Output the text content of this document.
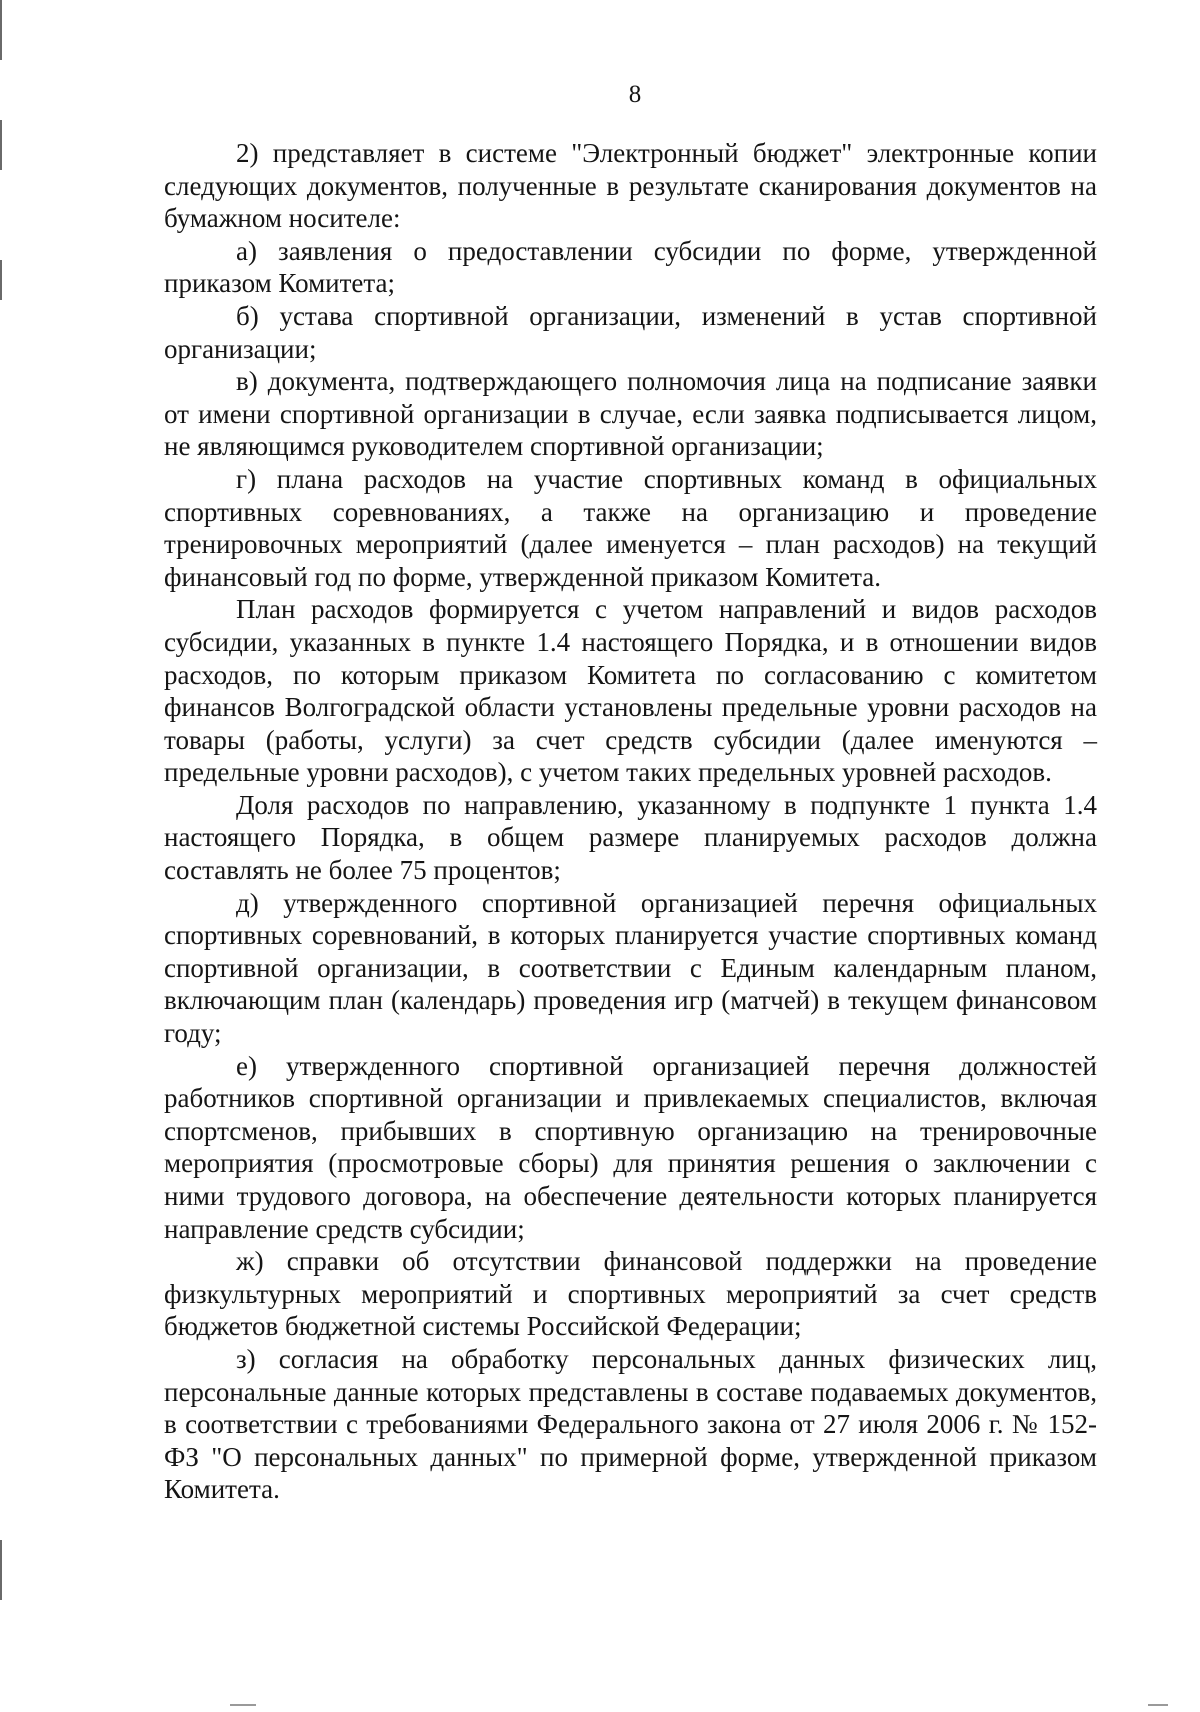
8

2) представляет в системе "Электронный бюджет" электронные копии следующих документов, полученные в результате сканирования документов на бумажном носителе:

а) заявления о предоставлении субсидии по форме, утвержденной приказом Комитета;

б) устава спортивной организации, изменений в устав спортивной организации;

в) документа, подтверждающего полномочия лица на подписание заявки от имени спортивной организации в случае, если заявка подписывается лицом, не являющимся руководителем спортивной организации;

г) плана расходов на участие спортивных команд в официальных спортивных соревнованиях, а также на организацию и проведение тренировочных мероприятий (далее именуется – план расходов) на текущий финансовый год по форме, утвержденной приказом Комитета.

План расходов формируется с учетом направлений и видов расходов субсидии, указанных в пункте 1.4 настоящего Порядка, и в отношении видов расходов, по которым приказом Комитета по согласованию с комитетом финансов Волгоградской области установлены предельные уровни расходов на товары (работы, услуги) за счет средств субсидии (далее именуются – предельные уровни расходов), с учетом таких предельных уровней расходов.

Доля расходов по направлению, указанному в подпункте 1 пункта 1.4 настоящего Порядка, в общем размере планируемых расходов должна составлять не более 75 процентов;

д) утвержденного спортивной организацией перечня официальных спортивных соревнований, в которых планируется участие спортивных команд спортивной организации, в соответствии с Единым календарным планом, включающим план (календарь) проведения игр (матчей) в текущем финансовом году;

е) утвержденного спортивной организацией перечня должностей работников спортивной организации и привлекаемых специалистов, включая спортсменов, прибывших в спортивную организацию на тренировочные мероприятия (просмотровые сборы) для принятия решения о заключении с ними трудового договора, на обеспечение деятельности которых планируется направление средств субсидии;

ж) справки об отсутствии финансовой поддержки на проведение физкультурных мероприятий и спортивных мероприятий за счет средств бюджетов бюджетной системы Российской Федерации;

з) согласия на обработку персональных данных физических лиц, персональные данные которых представлены в составе подаваемых документов, в соответствии с требованиями Федерального закона от 27 июля 2006 г. № 152-ФЗ "О персональных данных" по примерной форме, утвержденной приказом Комитета.
